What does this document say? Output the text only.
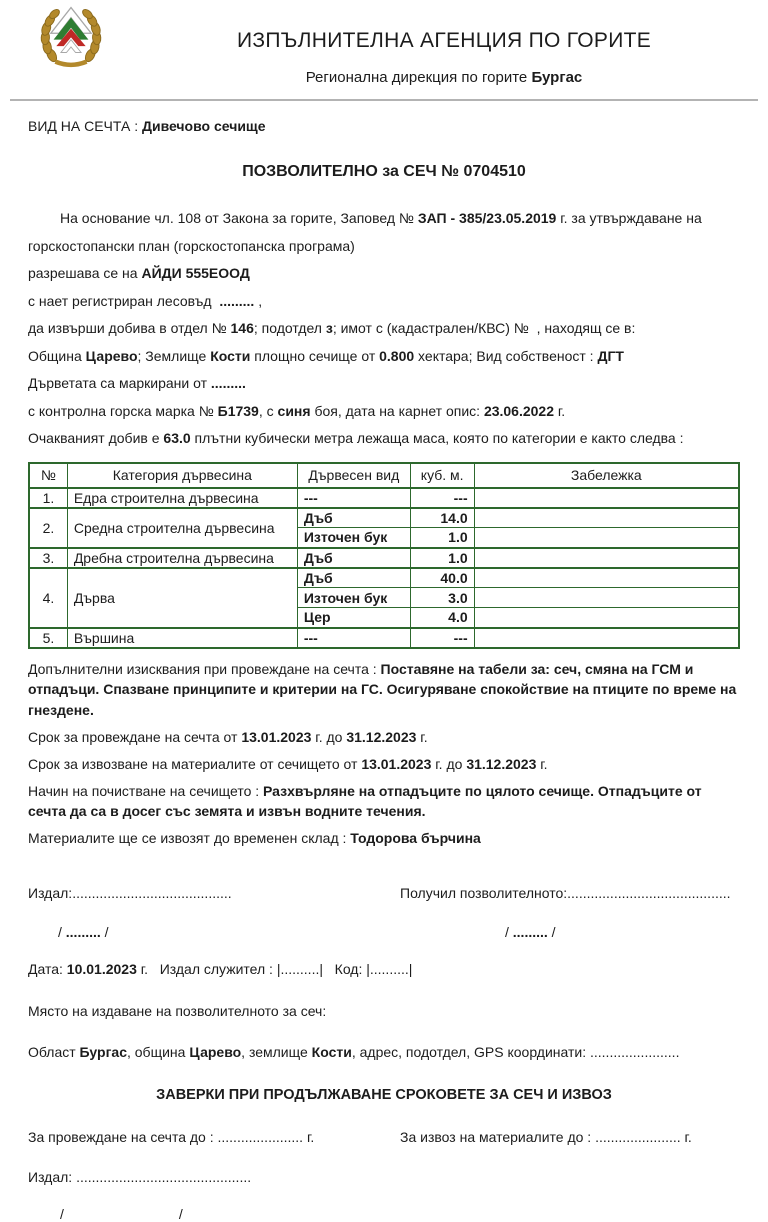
ИЗПЪЛНИТЕЛНА АГЕНЦИЯ ПО ГОРИТЕ
Регионална дирекция по горите Бургас
ВИД НА СЕЧТА : Дивечово сечище
ПОЗВОЛИТЕЛНО за СЕЧ № 0704510

На основание чл. 108 от Закона за горите, Заповед № ЗАП - 385/23.05.2019 г. за утвърждаване на горскостопански план (горскостопанска програма)

разрешава се на АЙДИ 555ЕООД

с нает регистриран лесовъд  ......... ,

да извърши добива в отдел № 146; подотдел з; имот с (кадастрален/КВС) №  , находящ се в:

Община Царево; Землище Кости площно сечище от 0.800 хектара; Вид собственост : ДГТ

Дърветата са маркирани от .........

с контролна горска марка № Б1739, с синя боя, дата на карнет опис: 23.06.2022 г.

Очакваният добив е 63.0 плътни кубически метра лежаща маса, която по категории е както следва :

№	Категория дървесина	Дървесен вид	куб. м.	Забележка
1.	Едра строителна дървесина	---	---	
2.	Средна строителна дървесина	Дъб	14.0	
		Източен бук	1.0	
3.	Дребна строителна дървесина	Дъб	1.0	
4.	Дърва	Дъб	40.0	
		Източен бук	3.0	
		Цер	4.0	
5.	Вършина	---	---	

Допълнителни изисквания при провеждане на сечта : Поставяне на табели за: сеч, смяна на ГСМ и отпадъци. Спазване принципите и критерии на ГС. Осигуряване спокойствие на птиците по време на гнездене.

Срок за провеждане на сечта от 13.01.2023 г. до 31.12.2023 г.

Срок за извозване на материалите от сечището от 13.01.2023 г. до 31.12.2023 г.

Начин на почистване на сечището : Разхвърляне на отпадъците по цялото сечище. Отпадъците от сечта да са в досег със земята и извън водните течения.

Материалите ще се извозят до временен склад : Тодорова бърчина

Издал:.........................................
/ ......... /
Получил позволителното:..........................................
/ ......... /
Дата: 10.01.2023 г.   Издал служител : |..........|   Код: |..........|
Място на издаване на позволителното за сеч:
Област Бургас, община Царево, землище Кости, адрес, подотдел, GPS координати: .......................
ЗАВЕРКИ ПРИ ПРОДЪЛЖАВАНЕ СРОКОВЕТЕ ЗА СЕЧ И ИЗВОЗ
За провеждане на сечта до : ...................... г.	За извоз на материалите до : ...................... г.
Издал: .............................................
/	/
